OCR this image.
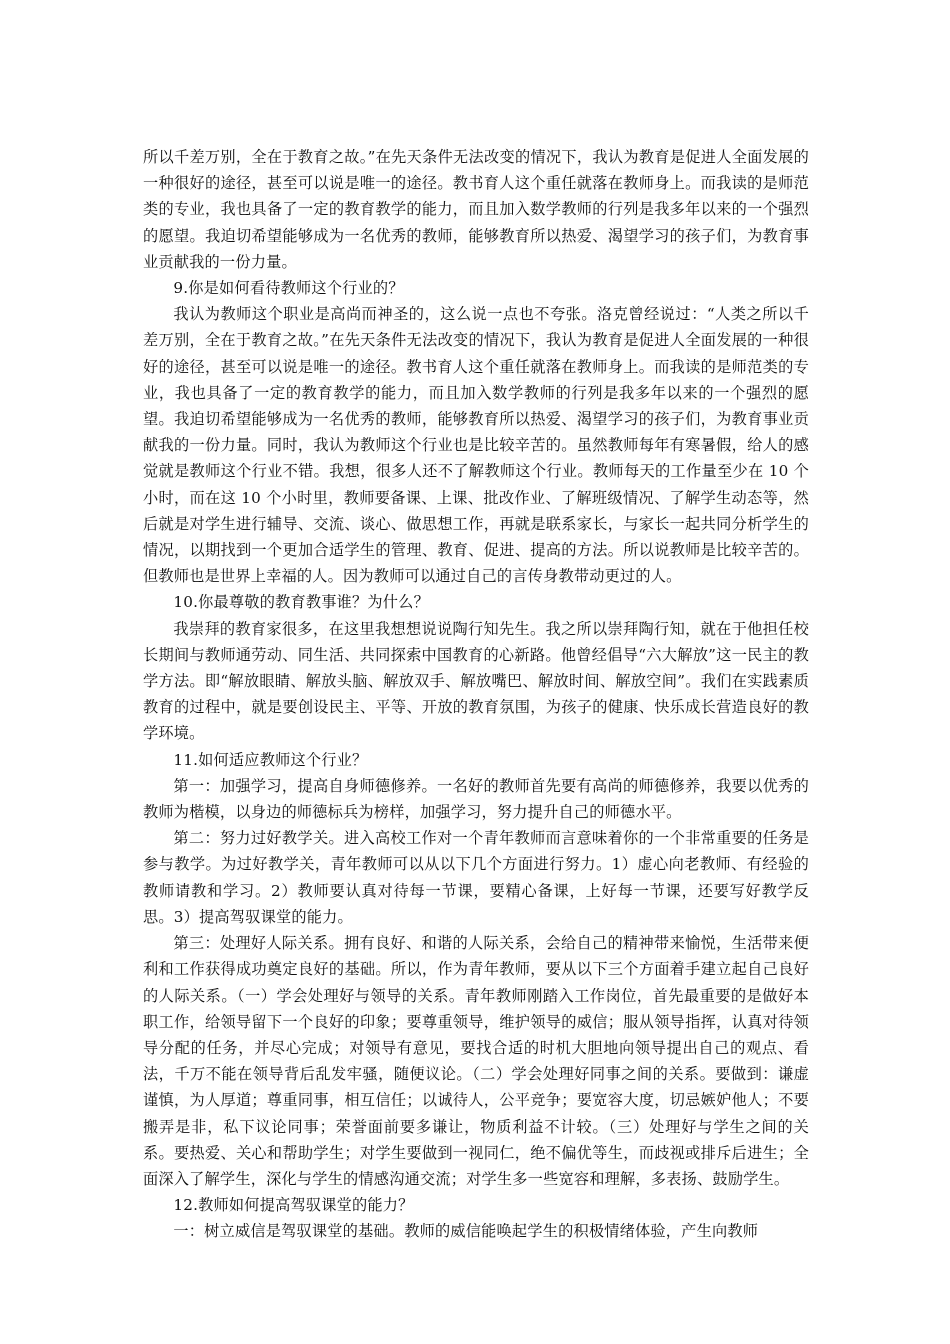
所以千差万别，全在于教育之故。”在先天条件无法改变的情况下，我认为教育是促进人全面发展的一种很好的途径，甚至可以说是唯一的途径。教书育人这个重任就落在教师身上。而我读的是师范类的专业，我也具备了一定的教育教学的能力，而且加入数学教师的行列是我多年以来的一个强烈的愿望。我迫切希望能够成为一名优秀的教师，能够教育所以热爱、渴望学习的孩子们，为教育事业贡献我的一份力量。

9.你是如何看待教师这个行业的？

我认为教师这个职业是高尚而神圣的，这么说一点也不夸张。洛克曾经说过：“人类之所以千差万别，全在于教育之故。”在先天条件无法改变的情况下，我认为教育是促进人全面发展的一种很好的途径，甚至可以说是唯一的途径。教书育人这个重任就落在教师身上。而我读的是师范类的专业，我也具备了一定的教育教学的能力，而且加入数学教师的行列是我多年以来的一个强烈的愿望。我迫切希望能够成为一名优秀的教师，能够教育所以热爱、渴望学习的孩子们，为教育事业贡献我的一份力量。同时，我认为教师这个行业也是比较辛苦的。虽然教师每年有寒暑假，给人的感觉就是教师这个行业不错。我想，很多人还不了解教师这个行业。教师每天的工作量至少在 10 个小时，而在这 10 个小时里，教师要备课、上课、批改作业、了解班级情况、了解学生动态等，然后就是对学生进行辅导、交流、谈心、做思想工作，再就是联系家长，与家长一起共同分析学生的情况，以期找到一个更加合适学生的管理、教育、促进、提高的方法。所以说教师是比较辛苦的。但教师也是世界上幸福的人。因为教师可以通过自己的言传身教带动更过的人。

10.你最尊敬的教育教事谁？为什么？

我崇拜的教育家很多，在这里我想想说说陶行知先生。我之所以崇拜陶行知，就在于他担任校长期间与教师通劳动、同生活、共同探索中国教育的心新路。他曾经倡导“六大解放”这一民主的教学方法。即“解放眼睛、解放头脑、解放双手、解放嘴巴、解放时间、解放空间”。我们在实践素质教育的过程中，就是要创设民主、平等、开放的教育氛围，为孩子的健康、快乐成长营造良好的教学环境。

11.如何适应教师这个行业？

第一：加强学习，提高自身师德修养。一名好的教师首先要有高尚的师德修养，我要以优秀的教师为楷模，以身边的师德标兵为榜样，加强学习，努力提升自己的师德水平。

第二：努力过好教学关。进入高校工作对一个青年教师而言意味着你的一个非常重要的任务是参与教学。为过好教学关，青年教师可以从以下几个方面进行努力。1）虚心向老教师、有经验的教师请教和学习。2）教师要认真对待每一节课，要精心备课，上好每一节课，还要写好教学反思。3）提高驾驭课堂的能力。

第三：处理好人际关系。拥有良好、和谐的人际关系，会给自己的精神带来愉悦，生活带来便利和工作获得成功奠定良好的基础。所以，作为青年教师，要从以下三个方面着手建立起自己良好的人际关系。（一）学会处理好与领导的关系。青年教师刚踏入工作岗位，首先最重要的是做好本职工作，给领导留下一个良好的印象；要尊重领导，维护领导的威信；服从领导指挥，认真对待领导分配的任务，并尽心完成；对领导有意见，要找合适的时机大胆地向领导提出自己的观点、看法，千万不能在领导背后乱发牢骚，随便议论。（二）学会处理好同事之间的关系。要做到：谦虚谨慎，为人厚道；尊重同事，相互信任；以诚待人，公平竞争；要宽容大度，切忌嫉妒他人；不要搬弄是非，私下议论同事；荣誉面前要多谦让，物质利益不计较。（三）处理好与学生之间的关系。要热爱、关心和帮助学生；对学生要做到一视同仁，绝不偏优等生，而歧视或排斥后进生；全面深入了解学生，深化与学生的情感沟通交流；对学生多一些宽容和理解，多表扬、鼓励学生。

12.教师如何提高驾驭课堂的能力？

一：树立威信是驾驭课堂的基础。教师的威信能唤起学生的积极情绪体验，产生向教师
